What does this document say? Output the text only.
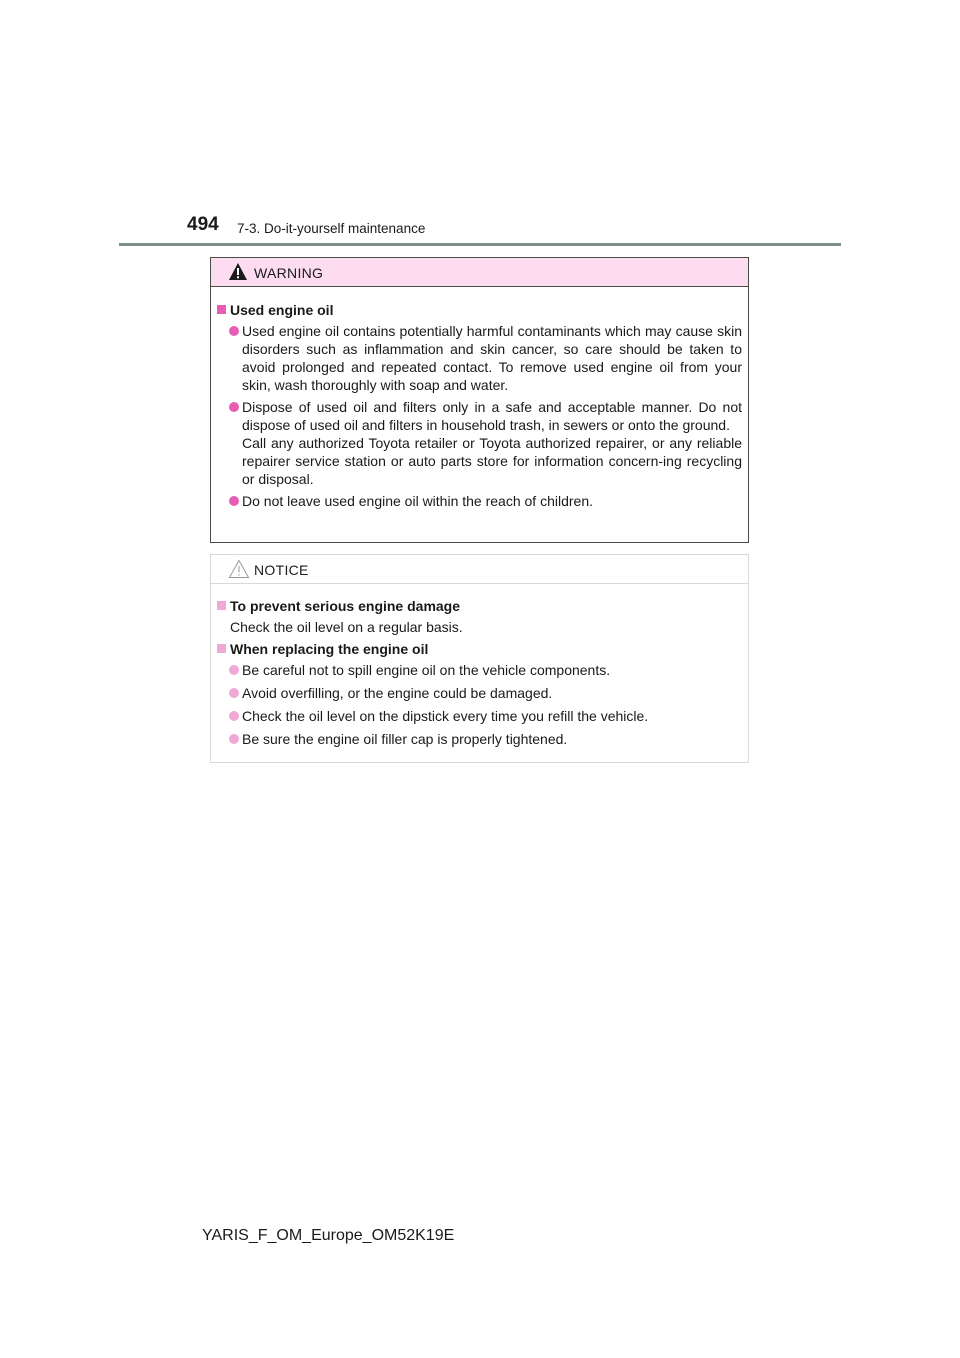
494 7-3. Do-it-yourself maintenance
WARNING
Used engine oil
Used engine oil contains potentially harmful contaminants which may cause skin disorders such as inflammation and skin cancer, so care should be taken to avoid prolonged and repeated contact. To remove used engine oil from your skin, wash thoroughly with soap and water.
Dispose of used oil and filters only in a safe and acceptable manner. Do not dispose of used oil and filters in household trash, in sewers or onto the ground.
Call any authorized Toyota retailer or Toyota authorized repairer, or any reliable repairer service station or auto parts store for information concern-ing recycling or disposal.
Do not leave used engine oil within the reach of children.
NOTICE
To prevent serious engine damage
Check the oil level on a regular basis.
When replacing the engine oil
Be careful not to spill engine oil on the vehicle components.
Avoid overfilling, or the engine could be damaged.
Check the oil level on the dipstick every time you refill the vehicle.
Be sure the engine oil filler cap is properly tightened.
YARIS_F_OM_Europe_OM52K19E
